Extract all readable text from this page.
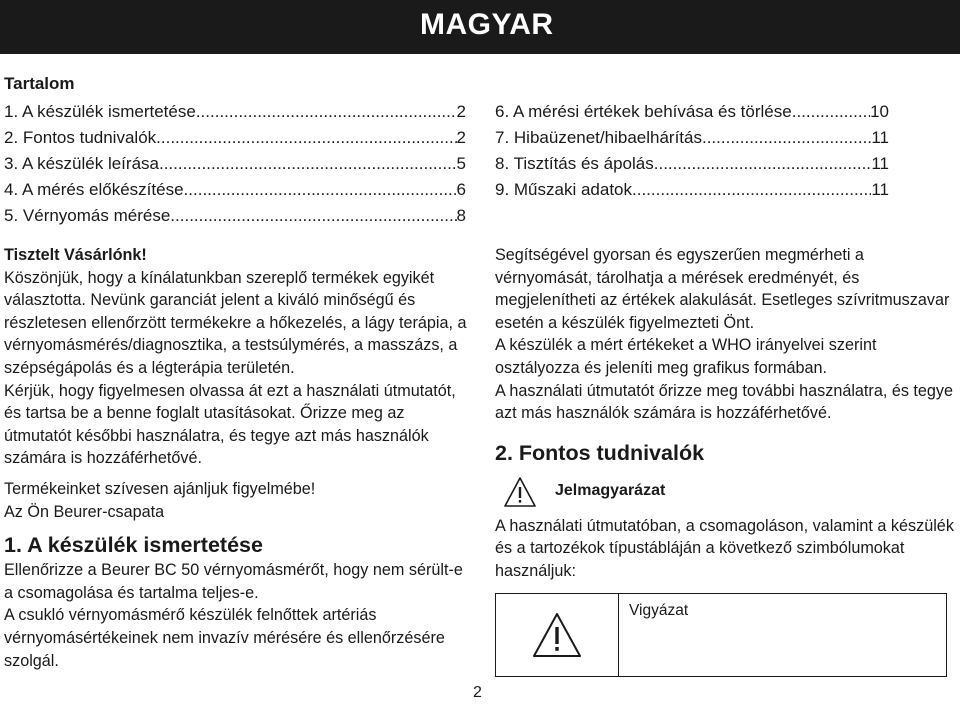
MAGYAR
Tartalom
1. A készülék ismertetése .....	2
2. Fontos tudnivalók .....	2
3. A készülék leírása .....	5
4. A mérés előkészítése .....	6
5. Vérnyomás mérése .....	8
6. A mérési értékek behívása és törlése .....	10
7. Hibaüzenet/hibaelhárítás .....	11
8. Tisztítás és ápolás .....	11
9. Műszaki adatok .....	11

Tisztelt Vásárlónk!

Köszönjük, hogy a kínálatunkban szereplő termékek egyikét választotta. Nevünk garanciát jelent a kiváló minőségű és részletesen ellenőrzött termékekre a hőkezelés, a lágy terápia, a vérnyomásmérés/diagnosztika, a testsúlymérés, a masszázs, a szépségápolás és a légterápia területén.

Kérjük, hogy figyelmesen olvassa át ezt a használati útmutatót, és tartsa be a benne foglalt utasításokat. Őrizze meg az útmutatót későbbi használatra, és tegye azt más használók számára is hozzáférhetővé.

Termékeinket szívesen ajánljuk figyelmébe!

Az Ön Beurer-csapata

1. A készülék ismertetése

Ellenőrizze a Beurer BC 50 vérnyomásmérőt, hogy nem sérült-e a csomagolása és tartalma teljes-e.

A csukló vérnyomásmérő készülék felnőttek artériás vérnyomásértékeinek nem invazív mérésére és ellenőrzésére szolgál.

Segítségével gyorsan és egyszerűen megmérheti a vérnyomását, tárolhatja a mérések eredményét, és megjelenítheti az értékek alakulását. Esetleges szívritmuszavar esetén a készülék figyelmezteti Önt.

A készülék a mért értékeket a WHO irányelvei szerint osztályozza és jeleníti meg grafikus formában.

A használati útmutatót őrizze meg további használatra, és tegye azt más használók számára is hozzáférhetővé.

2. Fontos tudnivalók
Jelmagyarázat

A használati útmutatóban, a csomagoláson, valamint a készülék és a tartozékok típustábláján a következő szimbólumokat használjuk:

Vigyázat
2
